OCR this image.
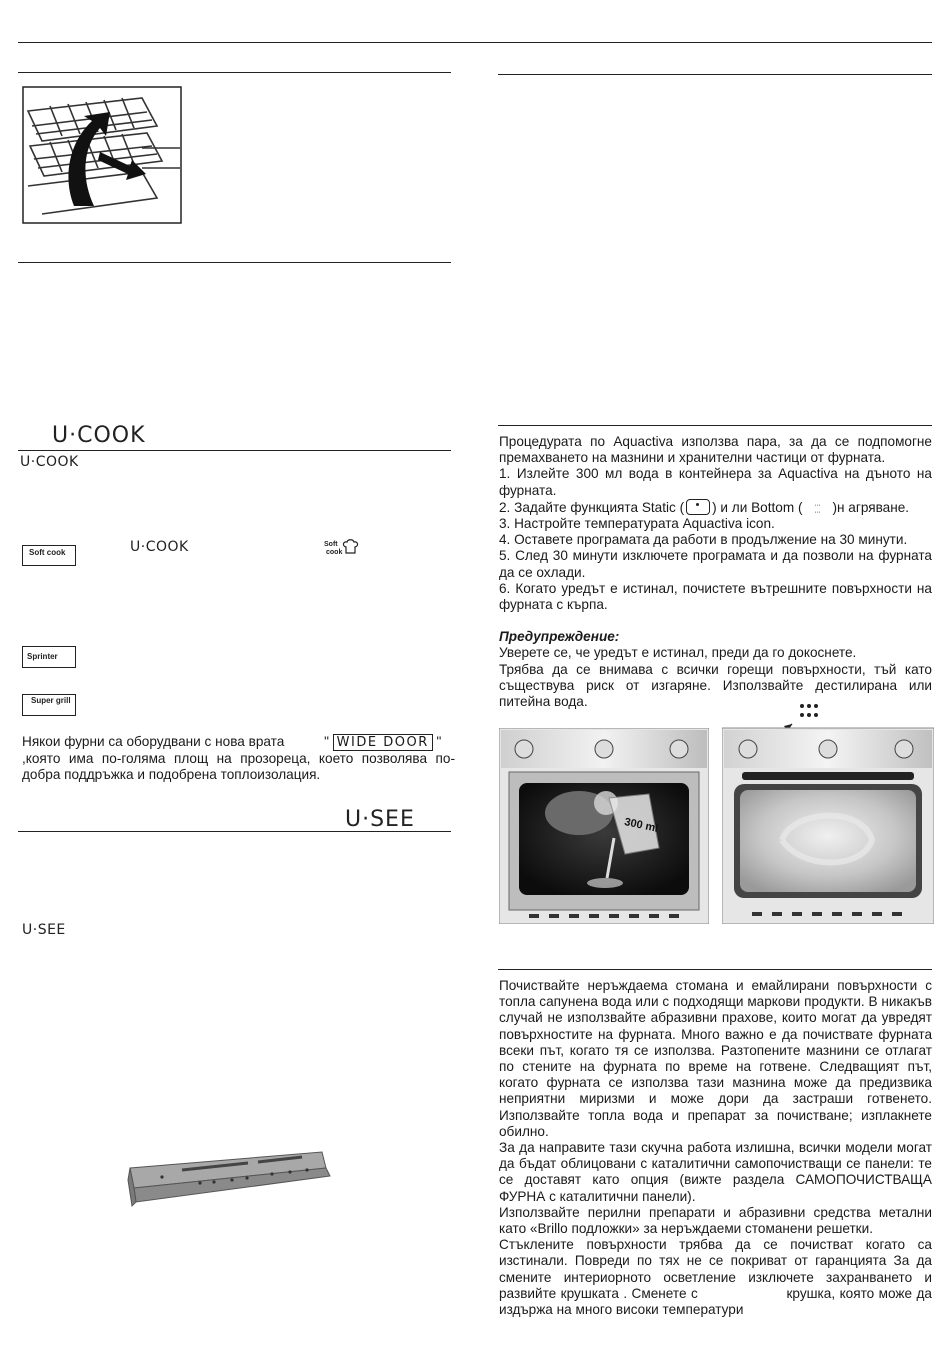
U·COOK
U·COOK
Soft cook	U·COOK	Soft
cook
Sprinter
Super grill

Някои фурни са оборудвани с нова врата	" WIDE DOOR "

,която има по-голяма площ на прозореца, което позволява по-добра поддръжка и подобрена топлоизолация.

U·SEE
U·SEE

Процедурата по Aquactiva използва пара, за да се подпомогне премахването на мазнини и хранителни частици от фурната.

1. Излейте 300 мл вода в контейнера за Aquactiva на дъното на фурната.

2. Задайте функцията Static ( ) и ли Bottom ( ᐧᐧᐧ
ᐧᐧᐧ )н агряване.

3. Настройте температурата Aquactiva icon.

4. Оставете програмата да работи в продължение на 30 минути.

5. След 30 минути изключете програмата и да позволи на фурната да се охлади.

6. Когато уредът е истинал, почистете вътрешните повърхности на фурната с кърпа.

Предупреждение:

Уверете се, че уредът е истинал, преди да го докоснете.

Трябва да се внимава с всички горещи повърхности, тъй като съществува риск от изгаряне. Използвайте дестилирана или питейна вода.

300 ml

Почиствайте неръждаема стомана и емайлирани повърхности с топла сапунена вода или с подходящи маркови продукти. В никакъв случай не използвайте абразивни прахове, които могат да увредят повърхностите на фурната. Много важно е да почиствате фурната всеки път, когато тя се използва. Разтопените мазнини се отлагат по стените на фурната по време на готвене. Следващият път, когато фурната се използва тази мазнина може да предизвика неприятни миризми и може дори да застраши готвенето. Използвайте топла вода и препарат за почистване; изплакнете обилно.

За да направите тази скучна работа излишна, всички модели могат да бъдат облицовани с каталитични самопочистващи се панели: те се доставят като опция (вижте раздела САМОПОЧИСТВАЩА ФУРНА с каталитични панели).

Използвайте перилни препарати и абразивни средства метални като «Brillo подложки» за неръждаеми стоманени решетки.

Стъклените повърхности трябва да се почистват когато са изстинали. Повреди по тях не се покриват от гаранцията За да смените интериорното осветление изключете захранването и развийте крушката . Сменете с                    крушка, която може да издържа на много високи температури
